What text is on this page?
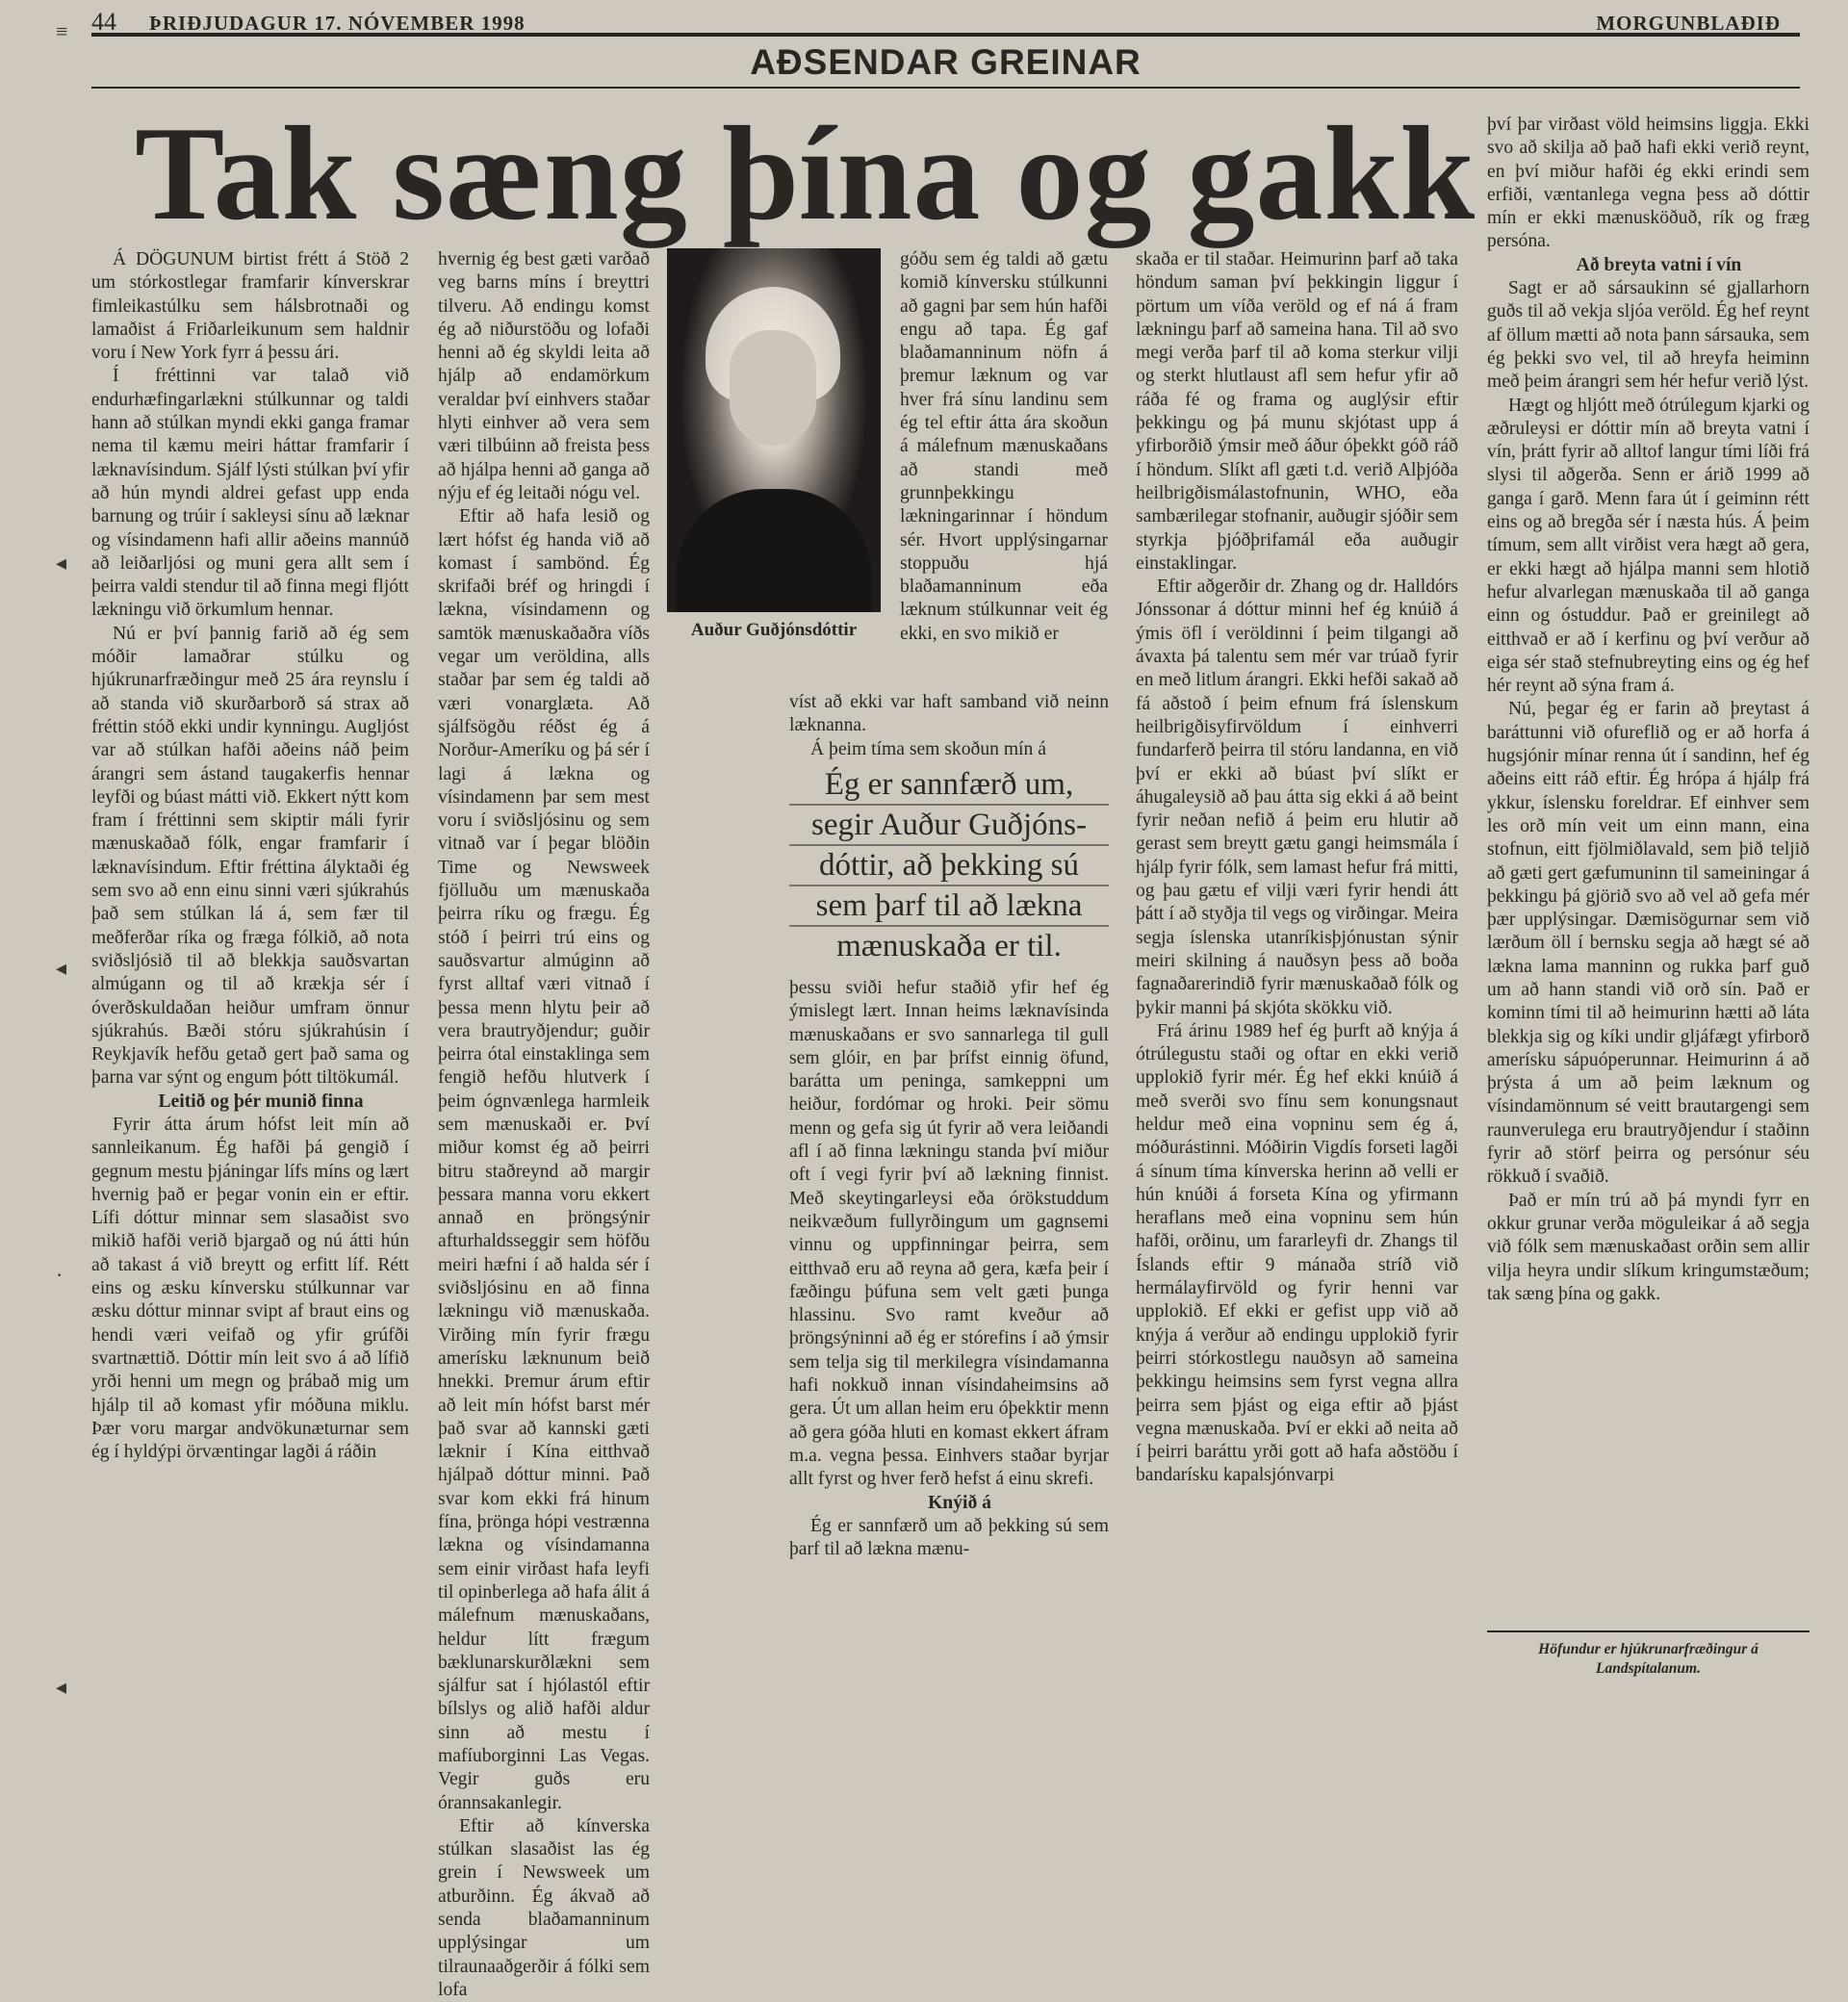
44 ÞRIÐJUDAGUR 17. NÓVEMBER 1998	MORGUNBLAÐIÐ
AÐSENDAR GREINAR
Tak sæng þína og gakk

Á DÖGUNUM birtist frétt á Stöð 2 um stórkostlegar framfarir kínverskrar fimleikastúlku sem hálsbrotnaði og lamaðist á Friðarleikunum sem haldnir voru í New York fyrr á þessu ári.

Í fréttinni var talað við endurhæfingarlækni stúlkunnar og taldi hann að stúlkan myndi ekki ganga framar nema til kæmu meiri háttar framfarir í læknavísindum. Sjálf lýsti stúlkan því yfir að hún myndi aldrei gefast upp enda barnung og trúir í sakleysi sínu að læknar og vísindamenn hafi allir aðeins mannúð að leiðarljósi og muni gera allt sem í þeirra valdi stendur til að finna megi fljótt lækningu við örkumlum hennar.

Nú er því þannig farið að ég sem móðir lamaðrar stúlku og hjúkrunarfræðingur með 25 ára reynslu í að standa við skurðarborð sá strax að fréttin stóð ekki undir kynningu. Augljóst var að stúlkan hafði aðeins náð þeim árangri sem ástand taugakerfis hennar leyfði og búast mátti við. Ekkert nýtt kom fram í fréttinni sem skiptir máli fyrir mænuskaðað fólk, engar framfarir í læknavísindum. Eftir fréttina ályktaði ég sem svo að enn einu sinni væri sjúkrahús það sem stúlkan lá á, sem fær til meðferðar ríka og fræga fólkið, að nota sviðsljósið til að blekkja sauðsvartan almúgann og til að krækja sér í óverðskuldaðan heiður umfram önnur sjúkrahús. Bæði stóru sjúkrahúsin í Reykjavík hefðu getað gert það sama og þarna var sýnt og engum þótt tiltökumál.

Leitið og þér munið finna

Fyrir átta árum hófst leit mín að sannleikanum. Ég hafði þá gengið í gegnum mestu þjáningar lífs míns og lært hvernig það er þegar vonin ein er eftir. Lífi dóttur minnar sem slasaðist svo mikið hafði verið bjargað og nú átti hún að takast á við breytt og erfitt líf. Rétt eins og æsku kínversku stúlkunnar var æsku dóttur minnar svipt af braut eins og hendi væri veifað og yfir grúfði svartnættið. Dóttir mín leit svo á að lífið yrði henni um megn og þrábað mig um hjálp til að komast yfir móðuna miklu. Þær voru margar andvökunæturnar sem ég í hyldýpi örvæntingar lagði á ráðin

hvernig ég best gæti varðað veg barns míns í breyttri tilveru. Að endingu komst ég að niðurstöðu og lofaði henni að ég skyldi leita að hjálp að endamörkum veraldar því einhvers staðar hlyti einhver að vera sem væri tilbúinn að freista þess að hjálpa henni að ganga að nýju ef ég leitaði nógu vel.

Eftir að hafa lesið og lært hófst ég handa við að komast í sambönd. Ég skrifaði bréf og hringdi í lækna, vísindamenn og samtök mænuskaðaðra víðs vegar um veröldina, alls staðar þar sem ég taldi að væri vonarglæta. Að sjálfsögðu réðst ég á Norður-Ameríku og þá sér í lagi á lækna og vísindamenn þar sem mest voru í sviðsljósinu og sem vitnað var í þegar blöðin Time og Newsweek fjölluðu um mænuskaða þeirra ríku og frægu. Ég stóð í þeirri trú eins og sauðsvartur almúginn að fyrst alltaf væri vitnað í þessa menn hlytu þeir að vera brautryðjendur; guðir þeirra ótal einstaklinga sem fengið hefðu hlutverk í þeim ógnvænlega harmleik sem mænuskaði er. Því miður komst ég að þeirri bitru staðreynd að margir þessara manna voru ekkert annað en þröngsýnir afturhaldsseggir sem höfðu meiri hæfni í að halda sér í sviðsljósinu en að finna lækningu við mænuskaða. Virðing mín fyrir frægu amerísku læknunum beið hnekki. Þremur árum eftir að leit mín hófst barst mér það svar að kannski gæti læknir í Kína eitthvað hjálpað dóttur minni. Það svar kom ekki frá hinum fína, þrönga hópi vestrænna lækna og vísindamanna sem einir virðast hafa leyfi til opinberlega að hafa álit á málefnum mænuskaðans, heldur lítt frægum bæklunarskurðlækni sem sjálfur sat í hjólastól eftir bílslys og alið hafði aldur sinn að mestu í mafíuborginni Las Vegas. Vegir guðs eru órannsakanlegir.

Eftir að kínverska stúlkan slasaðist las ég grein í Newsweek um atburðinn. Ég ákvað að senda blaðamanninum upplýsingar um tilraunaaðgerðir á fólki sem lofa

góðu sem ég taldi að gætu komið kínversku stúlkunni að gagni þar sem hún hafði engu að tapa. Ég gaf blaðamanninum nöfn á þremur læknum og var hver frá sínu landinu sem ég tel eftir átta ára skoðun á málefnum mænuskaðans að standi með grunnþekkingu lækningarinnar í höndum sér. Hvort upplýsingarnar stoppuðu hjá blaðamanninum eða læknum stúlkunnar veit ég ekki, en svo mikið er

víst að ekki var haft samband við neinn læknanna.

Á þeim tíma sem skoðun mín á

þessu sviði hefur staðið yfir hef ég ýmislegt lært. Innan heims læknavísinda mænuskaðans er svo sannarlega til gull sem glóir, en þar þrífst einnig öfund, barátta um peninga, samkeppni um heiður, fordómar og hroki. Þeir sömu menn og gefa sig út fyrir að vera leiðandi afl í að finna lækningu standa því miður oft í vegi fyrir því að lækning finnist. Með skeytingarleysi eða órökstuddum neikvæðum fullyrðingum um gagnsemi vinnu og uppfinningar þeirra, sem eitthvað eru að reyna að gera, kæfa þeir í fæðingu þúfuna sem velt gæti þunga hlassinu. Svo ramt kveður að þröngsýninni að ég er stórefins í að ýmsir sem telja sig til merkilegra vísindamanna hafi nokkuð innan vísindaheimsins að gera. Út um allan heim eru óþekktir menn að gera góða hluti en komast ekkert áfram m.a. vegna þessa. Einhvers staðar byrjar allt fyrst og hver ferð hefst á einu skrefi.

Knýið á

Ég er sannfærð um að þekking sú sem þarf til að lækna mænu-

skaða er til staðar. Heimurinn þarf að taka höndum saman því þekkingin liggur í pörtum um víða veröld og ef ná á fram lækningu þarf að sameina hana. Til að svo megi verða þarf til að koma sterkur vilji og sterkt hlutlaust afl sem hefur yfir að ráða fé og frama og auglýsir eftir þekkingu og þá munu skjótast upp á yfirborðið ýmsir með áður óþekkt góð ráð í höndum. Slíkt afl gæti t.d. verið Alþjóða heilbrigðismálastofnunin, WHO, eða sambærilegar stofnanir, auðugir sjóðir sem styrkja þjóðþrifamál eða auðugir einstaklingar.

Eftir aðgerðir dr. Zhang og dr. Halldórs Jónssonar á dóttur minni hef ég knúið á ýmis öfl í veröldinni í þeim tilgangi að ávaxta þá talentu sem mér var trúað fyrir en með litlum árangri. Ekki hefði sakað að fá aðstoð í þeim efnum frá íslenskum heilbrigðisyfirvöldum í einhverri fundarferð þeirra til stóru landanna, en við því er ekki að búast því slíkt er áhugaleysið að þau átta sig ekki á að beint fyrir neðan nefið á þeim eru hlutir að gerast sem breytt gætu gangi heimsmála í hjálp fyrir fólk, sem lamast hefur frá mitti, og þau gætu ef vilji væri fyrir hendi átt þátt í að styðja til vegs og virðingar. Meira segja íslenska utanríkisþjónustan sýnir meiri skilning á nauðsyn þess að boða fagnaðarerindið fyrir mænuskaðað fólk og þykir manni þá skjóta skökku við.

Frá árinu 1989 hef ég þurft að knýja á ótrúlegustu staði og oftar en ekki verið upplokið fyrir mér. Ég hef ekki knúið á með sverði svo fínu sem konungsnaut heldur með eina vopninu sem ég á, móðurástinni. Móðirin Vigdís forseti lagði á sínum tíma kínverska herinn að velli er hún knúði á forseta Kína og yfirmann heraflans með eina vopninu sem hún hafði, orðinu, um fararleyfi dr. Zhangs til Íslands eftir 9 mánaða stríð við hermálayfirvöld og fyrir henni var upplokið. Ef ekki er gefist upp við að knýja á verður að endingu upplokið fyrir þeirri stórkostlegu nauðsyn að sameina þekkingu heimsins sem fyrst vegna allra þeirra sem þjást og eiga eftir að þjást vegna mænuskaða. Því er ekki að neita að í þeirri baráttu yrði gott að hafa aðstöðu í bandarísku kapalsjónvarpi

því þar virðast völd heimsins liggja. Ekki svo að skilja að það hafi ekki verið reynt, en því miður hafði ég ekki erindi sem erfiði, væntanlega vegna þess að dóttir mín er ekki mænusköðuð, rík og fræg persóna.

Að breyta vatni í vín

Sagt er að sársaukinn sé gjallarhorn guðs til að vekja sljóa veröld. Ég hef reynt af öllum mætti að nota þann sársauka, sem ég þekki svo vel, til að hreyfa heiminn með þeim árangri sem hér hefur verið lýst.

Hægt og hljótt með ótrúlegum kjarki og æðruleysi er dóttir mín að breyta vatni í vín, þrátt fyrir að alltof langur tími líði frá slysi til aðgerða. Senn er árið 1999 að ganga í garð. Menn fara út í geiminn rétt eins og að bregða sér í næsta hús. Á þeim tímum, sem allt virðist vera hægt að gera, er ekki hægt að hjálpa manni sem hlotið hefur alvarlegan mænuskaða til að ganga einn og óstuddur. Það er greinilegt að eitthvað er að í kerfinu og því verður að eiga sér stað stefnubreyting eins og ég hef hér reynt að sýna fram á.

Nú, þegar ég er farin að þreytast á baráttunni við ofureflið og er að horfa á hugsjónir mínar renna út í sandinn, hef ég aðeins eitt ráð eftir. Ég hrópa á hjálp frá ykkur, íslensku foreldrar. Ef einhver sem les orð mín veit um einn mann, eina stofnun, eitt fjölmiðlavald, sem þið teljið að gæti gert gæfumuninn til sameiningar á þekkingu þá gjörið svo að vel að gefa mér þær upplýsingar. Dæmisögurnar sem við lærðum öll í bernsku segja að hægt sé að lækna lama manninn og rukka þarf guð um að hann standi við orð sín. Það er kominn tími til að heimurinn hætti að láta blekkja sig og kíki undir gljáfægt yfirborð amerísku sápuóperunnar. Heimurinn á að þrýsta á um að þeim læknum og vísindamönnum sé veitt brautargengi sem raunverulega eru brautryðjendur í staðinn fyrir að störf þeirra og persónur séu rökkuð í svaðið.

Það er mín trú að þá myndi fyrr en okkur grunar verða möguleikar á að segja við fólk sem mænuskaðast orðin sem allir vilja heyra undir slíkum kringumstæðum; tak sæng þína og gakk.

Auður Guðjónsdóttir
Ég er sannfærð um,
segir Auður Guðjóns-
dóttir, að þekking sú
sem þarf til að lækna
mænuskaða er til.
Höfundur er hjúkrunarfræðingur á Landspítalanum.
≡
◂
◂
·
◂
